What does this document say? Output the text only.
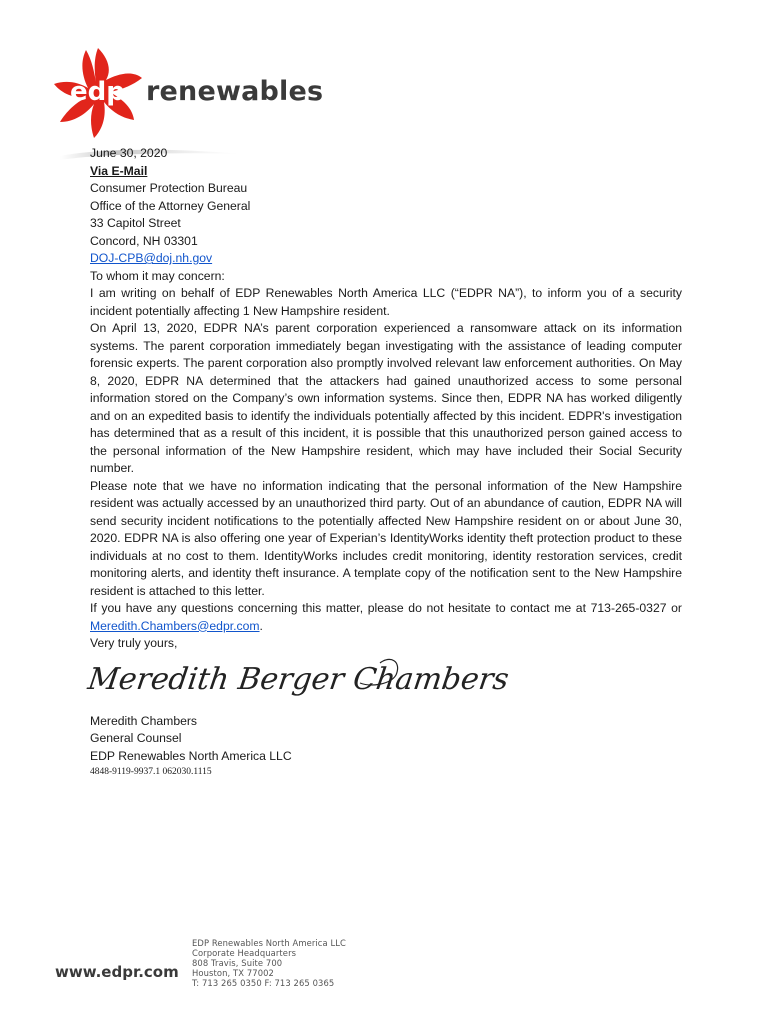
edp renewables

June 30, 2020

Via E-Mail

Consumer Protection Bureau
Office of the Attorney General
33 Capitol Street
Concord, NH 03301
DOJ-CPB@doj.nh.gov

To whom it may concern:

I am writing on behalf of EDP Renewables North America LLC (“EDPR NA”), to inform you of a security incident potentially affecting 1 New Hampshire resident.

On April 13, 2020, EDPR NA’s parent corporation experienced a ransomware attack on its information systems. The parent corporation immediately began investigating with the assistance of leading computer forensic experts. The parent corporation also promptly involved relevant law enforcement authorities. On May 8, 2020, EDPR NA determined that the attackers had gained unauthorized access to some personal information stored on the Company’s own information systems. Since then, EDPR NA has worked diligently and on an expedited basis to identify the individuals potentially affected by this incident. EDPR's investigation has determined that as a result of this incident, it is possible that this unauthorized person gained access to the personal information of the New Hampshire resident, which may have included their Social Security number.

Please note that we have no information indicating that the personal information of the New Hampshire resident was actually accessed by an unauthorized third party. Out of an abundance of caution, EDPR NA will send security incident notifications to the potentially affected New Hampshire resident on or about June 30, 2020. EDPR NA is also offering one year of Experian’s IdentityWorks identity theft protection product to these individuals at no cost to them. IdentityWorks includes credit monitoring, identity restoration services, credit monitoring alerts, and identity theft insurance. A template copy of the notification sent to the New Hampshire resident is attached to this letter.

If you have any questions concerning this matter, please do not hesitate to contact me at 713-265-0327 or Meredith.Chambers@edpr.com.

Very truly yours,

Meredith Berger Chambers

Meredith Chambers
General Counsel
EDP Renewables North America LLC

4848-9119-9937.1 062030.1115

www.edpr.com
EDP Renewables North America LLC
Corporate Headquarters
808 Travis, Suite 700
Houston, TX 77002
T: 713 265 0350 F: 713 265 0365
